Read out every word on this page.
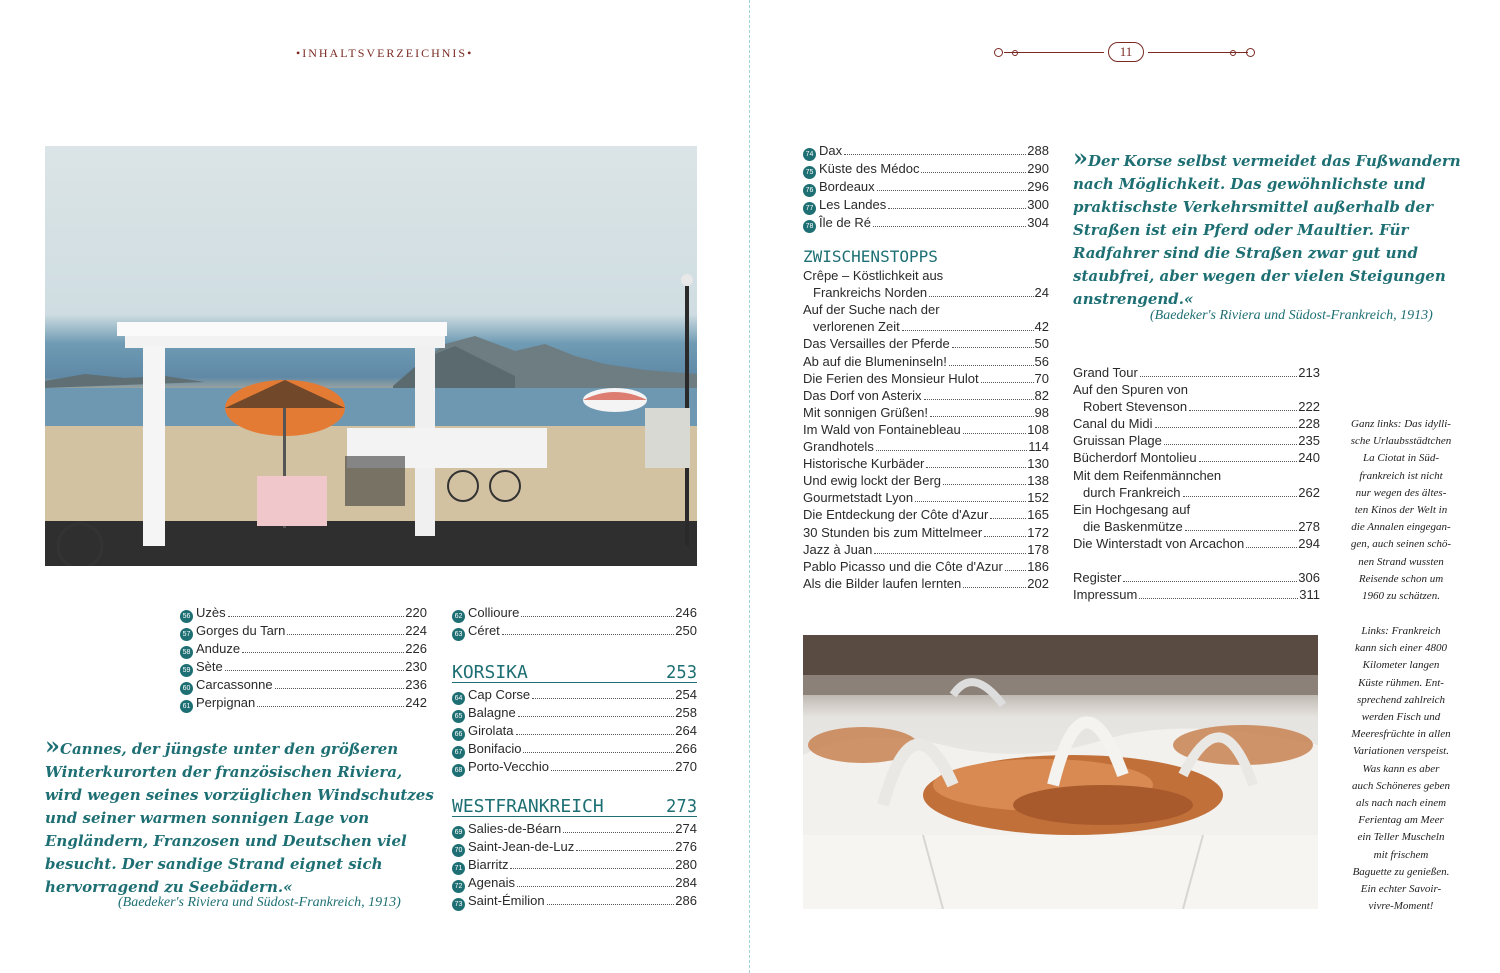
•INHALTSVERZEICHNIS•	11
56 Uzès	220
57 Gorges du Tarn	224
58 Anduze	226
59 Sète	230
60 Carcassonne	236
61 Perpignan	242
62 Collioure	246
63 Céret	250
KORSIKA	253
64 Cap Corse	254
65 Balagne	258
66 Girolata	264
67 Bonifacio	266
68 Porto-Vecchio	270
WESTFRANKREICH	273
69 Salies-de-Béarn	274
70 Saint-Jean-de-Luz	276
71 Biarritz	280
72 Agenais	284
73 Saint-Émilion	286
»Cannes, der jüngste unter den größeren
Winterkurorten der französischen Riviera,
wird wegen seines vorzüglichen Windschutzes
und seiner warmen sonnigen Lage von
Engländern, Franzosen und Deutschen viel
besucht. Der sandige Strand eignet sich
hervorragend zu Seebädern.«
(Baedeker's Riviera und Südost-Frankreich, 1913)
74 Dax	288
75 Küste des Médoc	290
76 Bordeaux	296
77 Les Landes	300
78 Île de Ré	304
ZWISCHENSTOPPS
Crêpe – Köstlichkeit aus
Frankreichs Norden	24
Auf der Suche nach der
verlorenen Zeit	42
Das Versailles der Pferde	50
Ab auf die Blumeninseln!	56
Die Ferien des Monsieur Hulot	70
Das Dorf von Asterix	82
Mit sonnigen Grüßen!	98
Im Wald von Fontainebleau	108
Grandhotels	114
Historische Kurbäder	130
Und ewig lockt der Berg	138
Gourmetstadt Lyon	152
Die Entdeckung der Côte d'Azur	165
30 Stunden bis zum Mittelmeer	172
Jazz à Juan	178
Pablo Picasso und die Côte d'Azur 186
Als die Bilder laufen lernten	202
»Der Korse selbst vermeidet das Fußwandern
nach Möglichkeit. Das gewöhnlichste und
praktischste Verkehrsmittel außerhalb der
Straßen ist ein Pferd oder Maultier. Für
Radfahrer sind die Straßen zwar gut und
staubfrei, aber wegen der vielen Steigungen
anstrengend.«
(Baedeker's Riviera und Südost-Frankreich, 1913)
Grand Tour	213
Auf den Spuren von
Robert Stevenson	222
Canal du Midi	228
Gruissan Plage	235
Bücherdorf Montolieu	240
Mit dem Reifenmännchen
durch Frankreich	262
Ein Hochgesang auf
die Baskenmütze	278
Die Winterstadt von Arcachon	294
Register	306
Impressum	311
Ganz links: Das idylli-
sche Urlaubsstädtchen
La Ciotat in Süd-
frankreich ist nicht
nur wegen des ältes-
ten Kinos der Welt in
die Annalen eingegan-
gen, auch seinen schö-
nen Strand wussten
Reisende schon um
1960 zu schätzen.
Links: Frankreich
kann sich einer 4800
Kilometer langen
Küste rühmen. Ent-
sprechend zahlreich
werden Fisch und
Meeresfrüchte in allen
Variationen verspeist.
Was kann es aber
auch Schöneres geben
als nach nach einem
Ferientag am Meer
ein Teller Muscheln
mit frischem
Baguette zu genießen.
Ein echter Savoir-
vivre-Moment!
